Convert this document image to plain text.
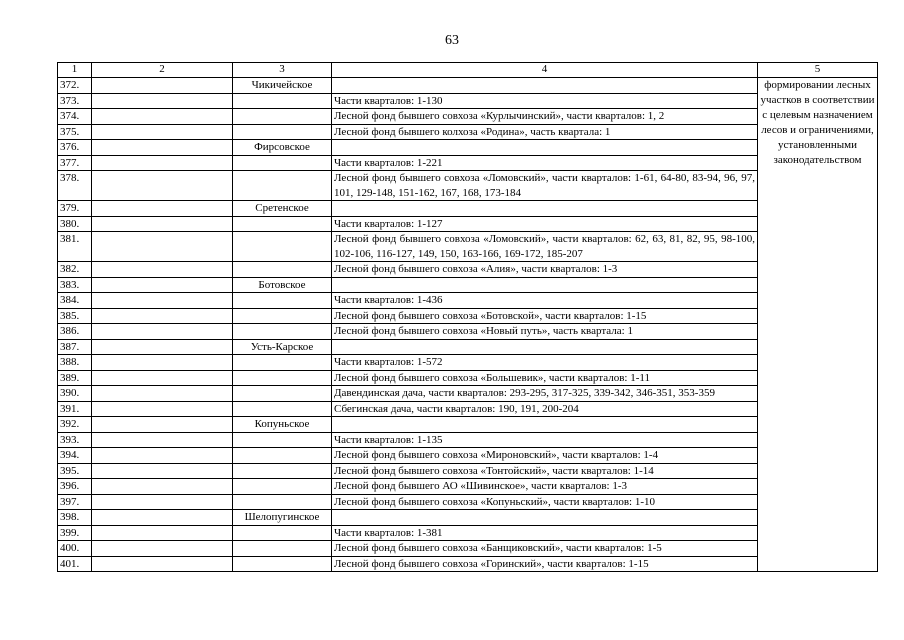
63
1	2	3	4	5
372.		Чикичейское		формировании лесных участков в соответствии с целевым назначением лесов и ограничениями, установленными законодательством
373.			Части кварталов: 1-130	
374.			Лесной фонд бывшего совхоза «Курлычинский», части кварталов: 1, 2	
375.			Лесной фонд бывшего колхоза «Родина», часть квартала: 1	
376.		Фирсовское		
377.			Части кварталов: 1-221	
378.			Лесной фонд бывшего совхоза «Ломовский», части кварталов: 1-61, 64-80, 83-94, 96, 97, 101, 129-148, 151-162, 167, 168, 173-184	
379.		Сретенское		
380.			Части кварталов: 1-127	
381.			Лесной фонд бывшего совхоза «Ломовский», части кварталов: 62, 63, 81, 82, 95, 98-100, 102-106, 116-127, 149, 150, 163-166, 169-172, 185-207	
382.			Лесной фонд бывшего совхоза «Алия», части кварталов: 1-3	
383.		Ботовское		
384.			Части кварталов: 1-436	
385.			Лесной фонд бывшего совхоза «Ботовской», части кварталов: 1-15	
386.			Лесной фонд бывшего совхоза «Новый путь», часть квартала: 1	
387.		Усть-Карское		
388.			Части кварталов: 1-572	
389.			Лесной фонд бывшего совхоза «Большевик», части кварталов: 1-11	
390.			Давендинская дача, части кварталов: 293-295, 317-325, 339-342, 346-351, 353-359	
391.			Сбегинская дача, части кварталов: 190, 191, 200-204	
392.		Копуньское		
393.			Части кварталов: 1-135	
394.			Лесной фонд бывшего совхоза «Мироновский», части кварталов: 1-4	
395.			Лесной фонд бывшего совхоза «Тонтойский», части кварталов: 1-14	
396.			Лесной фонд бывшего АО «Шивинское», части кварталов: 1-3	
397.			Лесной фонд бывшего совхоза «Копуньский», части кварталов: 1-10	
398.		Шелопугинское		
399.			Части кварталов: 1-381	
400.			Лесной фонд бывшего совхоза «Банщиковский», части кварталов: 1-5	
401.			Лесной фонд бывшего совхоза «Горинский», части кварталов: 1-15	
